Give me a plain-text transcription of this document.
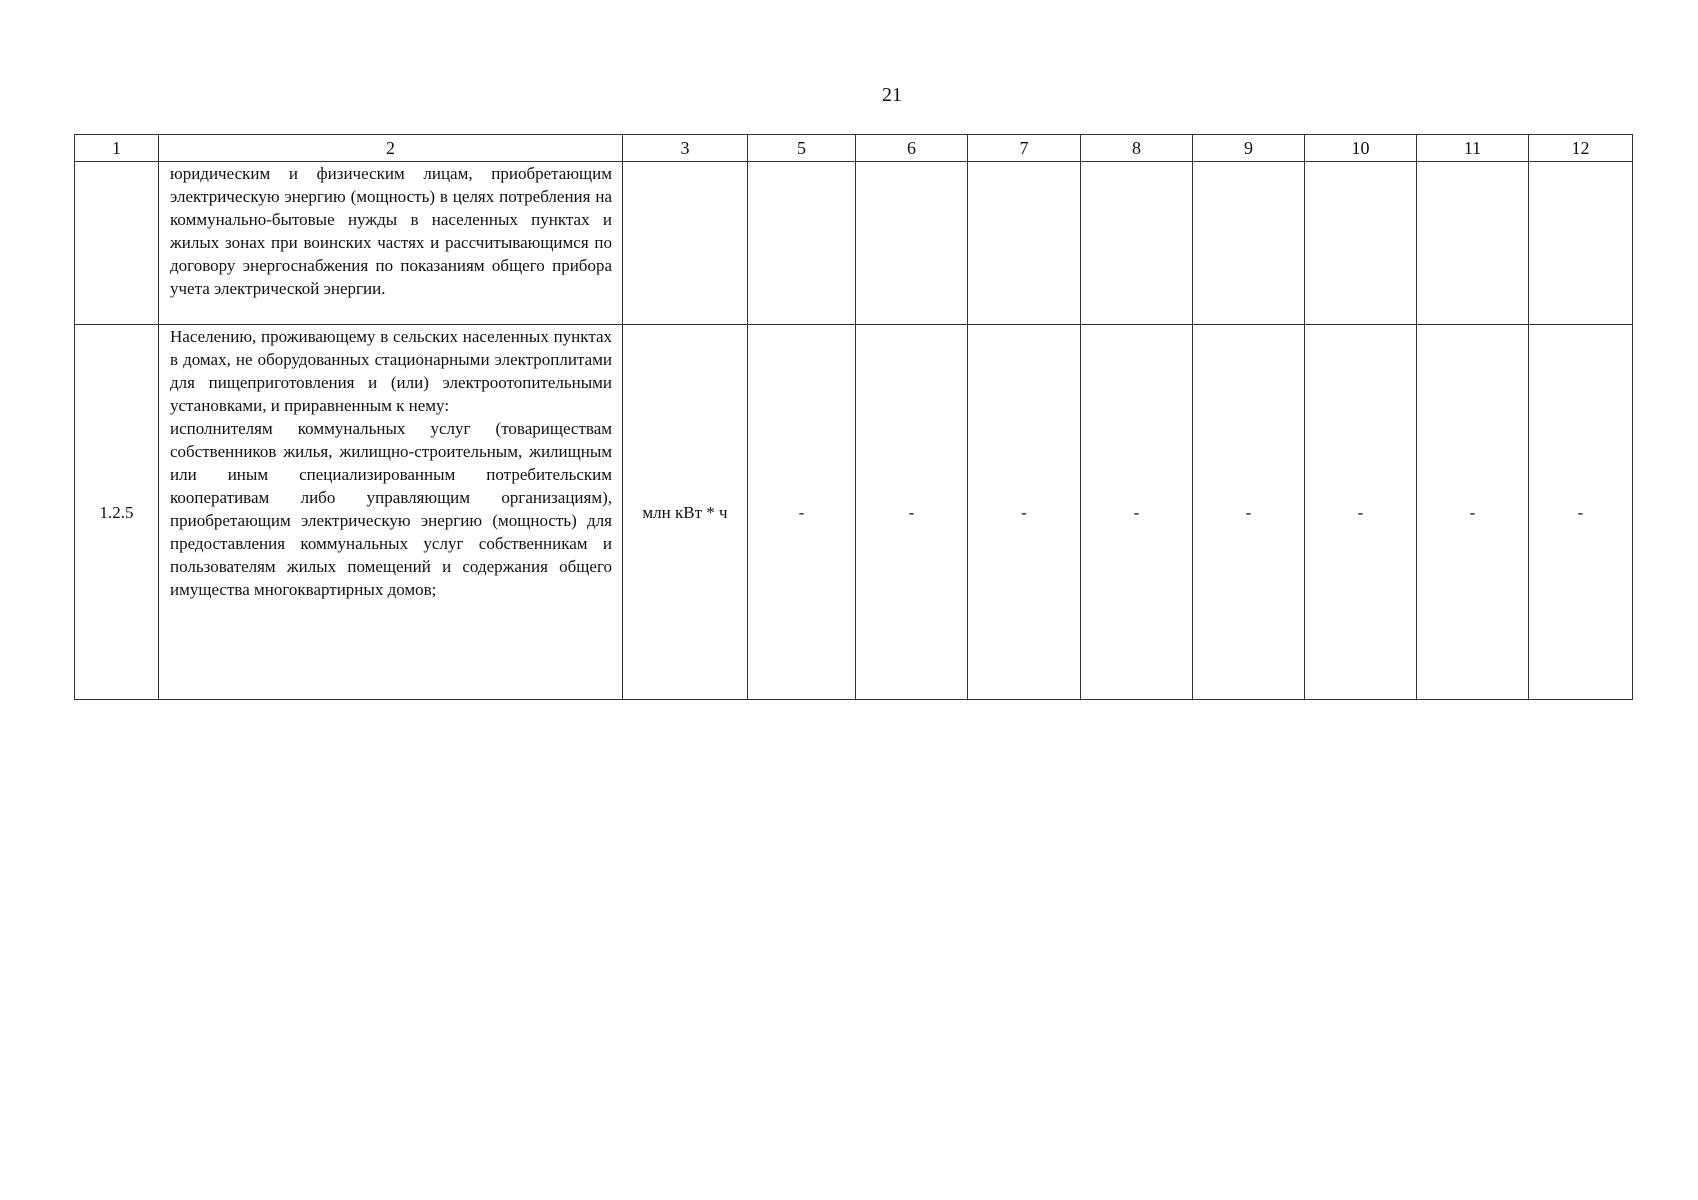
21
1	2	3	5	6	7	8	9	10	11	12

	юридическим и физическим лицам, приобретающим электрическую энергию (мощность) в целях потребления на коммунально-бытовые нужды в населенных пунктах и жилых зонах при воинских частях и рассчитывающимся по договору энергоснабжения по показаниям общего прибора учета электрической энергии.									

1.2.5	Населению, проживающему в сельских населенных пунктах в домах, не оборудованных стационарными электроплитами для пищеприготовления и (или) электроотопительными установками, и приравненным к нему:
исполнителям коммунальных услуг (товариществам собственников жилья, жилищно-строительным, жилищным или иным специализированным потребительским кооперативам либо управляющим организациям), приобретающим электрическую энергию (мощность) для предоставления коммунальных услуг собственникам и пользователям жилых помещений и содержания общего имущества многоквартирных домов;	млн кВт * ч	-	-	-	-	-	-	-	-
